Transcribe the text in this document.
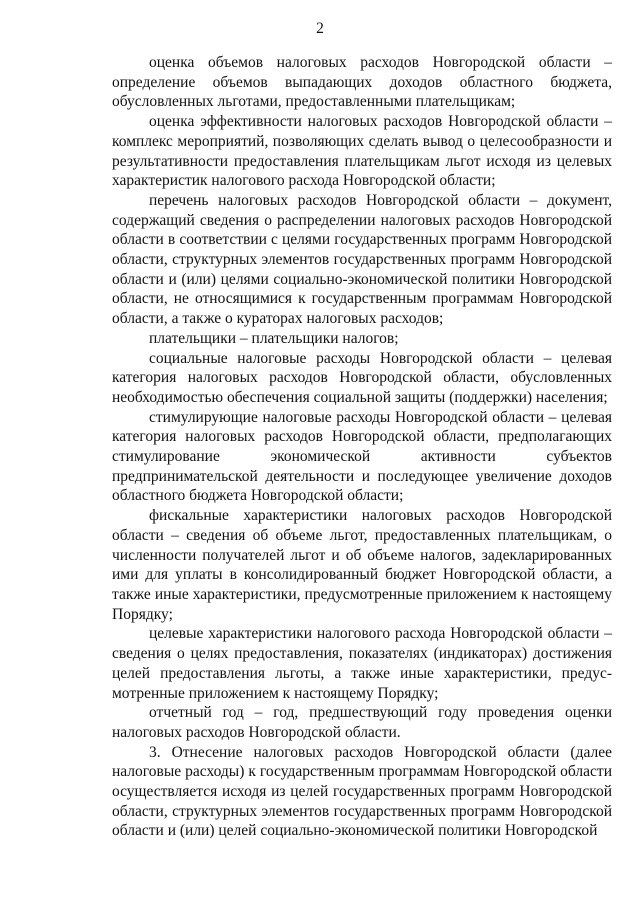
2

оценка объемов налоговых расходов Новгородской области – определение объемов выпадающих доходов областного бюджета, обусловленных льготами, предоставленными плательщикам;

оценка эффективности налоговых расходов Новгородской области – комплекс мероприятий, позволяющих сделать вывод о целесообразности и результативности предоставления плательщикам льгот исходя из целевых характеристик налогового расхода Новгородской области;

перечень налоговых расходов Новгородской области – документ, содержащий сведения о распределении налоговых расходов Новгородской области в соответствии с целями государственных программ Новгородской области, структурных элементов государственных программ Новгородской области и (или) целями социально-экономической политики Новгородской области, не относящимися к государственным программам Новгородской области, а также о кураторах налоговых расходов;

плательщики – плательщики налогов;

социальные налоговые расходы Новгородской области – целевая категория налоговых расходов Новгородской области, обусловленных необходимостью обеспечения социальной защиты (поддержки) населения;

стимулирующие налоговые расходы Новгородской области – целевая категория налоговых расходов Новгородской области, предполагающих стимулирование экономической активности субъектов предпринимательской деятельности и последующее увеличение доходов областного бюджета Новгородской области;

фискальные характеристики налоговых расходов Новгородской области – сведения об объеме льгот, предоставленных плательщикам, о численности получателей льгот и об объеме налогов, задекларированных ими для уплаты в консолидированный бюджет Новгородской области, а также иные характеристики, предусмотренные приложением к настоящему Порядку;

целевые характеристики налогового расхода Новгородской области – сведения о целях предоставления, показателях (индикаторах) достижения целей предоставления льготы, а также иные характеристики, предус-мотренные приложением к настоящему Порядку;

отчетный год – год, предшествующий году проведения оценки налоговых расходов Новгородской области.

3. Отнесение налоговых расходов Новгородской области (далее налоговые расходы) к государственным программам Новгородской области осуществляется исходя из целей государственных программ Новгородской области, структурных элементов государственных программ Новгородской области и (или) целей социально-экономической политики Новгородской
